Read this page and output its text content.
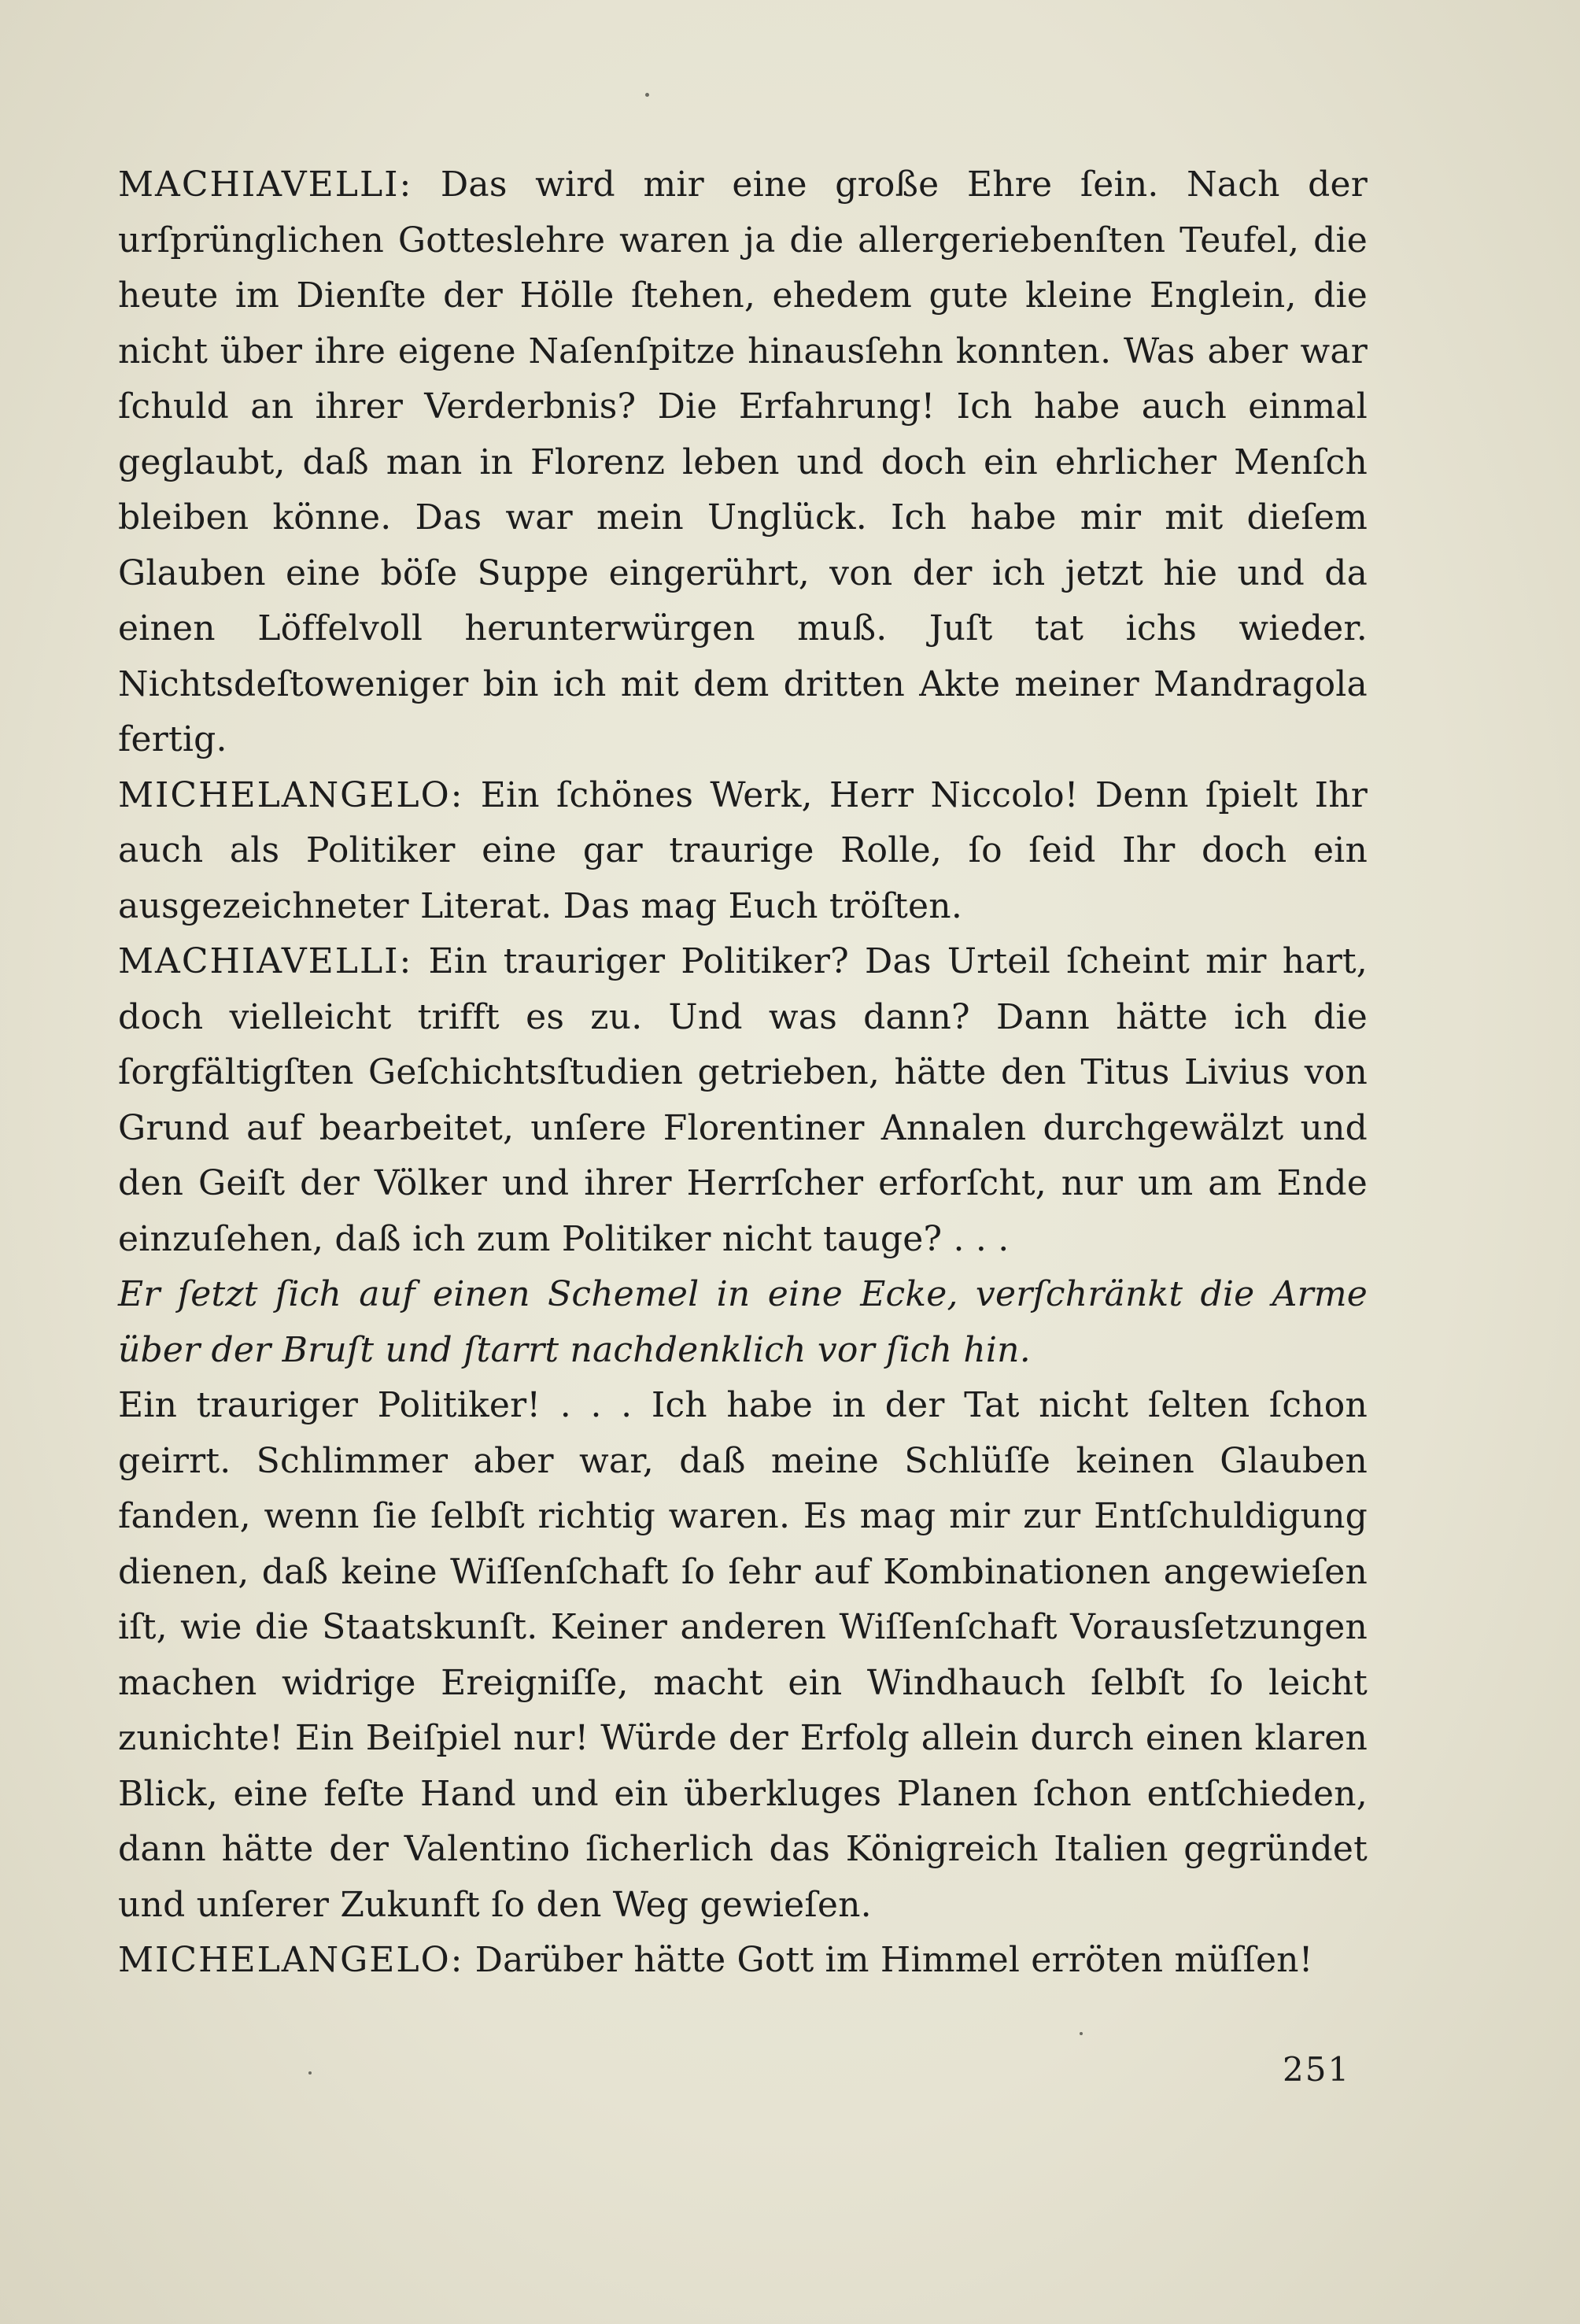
MACHIAVELLI: Das wird mir eine große Ehre ſein. Nach der urſprünglichen Gotteslehre waren ja die allergeriebenſten Teufel, die heute im Dienſte der Hölle ſtehen, ehedem gute kleine Englein, die nicht über ihre eigene Naſenſpitze hinausſehn konnten. Was aber war ſchuld an ihrer Verderbnis? Die Erfahrung! Ich habe auch einmal geglaubt, daß man in Florenz leben und doch ein ehrlicher Menſch bleiben könne. Das war mein Unglück. Ich habe mir mit dieſem Glauben eine böſe Suppe eingerührt, von der ich jetzt hie und da einen Löffelvoll herunterwürgen muß. Juſt tat ichs wieder. Nichtsdeſtoweniger bin ich mit dem dritten Akte meiner Mandragola fertig.

MICHELANGELO: Ein ſchönes Werk, Herr Niccolo! Denn ſpielt Ihr auch als Politiker eine gar traurige Rolle, ſo ſeid Ihr doch ein ausgezeichneter Literat. Das mag Euch tröſten.

MACHIAVELLI: Ein trauriger Politiker? Das Urteil ſcheint mir hart, doch vielleicht trifft es zu. Und was dann? Dann hätte ich die ſorgfältigſten Geſchichtsſtudien getrieben, hätte den Titus Livius von Grund auf bearbeitet, unſere Florentiner Annalen durchgewälzt und den Geiſt der Völker und ihrer Herrſcher erforſcht, nur um am Ende einzuſehen, daß ich zum Politiker nicht tauge? . . .

Er ſetzt ſich auf einen Schemel in eine Ecke, verſchränkt die Arme über der Bruſt und ſtarrt nachdenklich vor ſich hin.

Ein trauriger Politiker! . . . Ich habe in der Tat nicht ſelten ſchon geirrt. Schlimmer aber war, daß meine Schlüſſe keinen Glauben fanden, wenn ſie ſelbſt richtig waren. Es mag mir zur Entſchuldigung dienen, daß keine Wiſſenſchaft ſo ſehr auf Kombinationen angewieſen iſt, wie die Staatskunſt. Keiner anderen Wiſſenſchaft Vorausſetzungen machen widrige Ereigniſſe, macht ein Windhauch ſelbſt ſo leicht zunichte! Ein Beiſpiel nur! Würde der Erfolg allein durch einen klaren Blick, eine feſte Hand und ein überkluges Planen ſchon entſchieden, dann hätte der Valentino ſicherlich das Königreich Italien gegründet und unſerer Zukunft ſo den Weg gewieſen.

MICHELANGELO: Darüber hätte Gott im Himmel erröten müſſen!

251
